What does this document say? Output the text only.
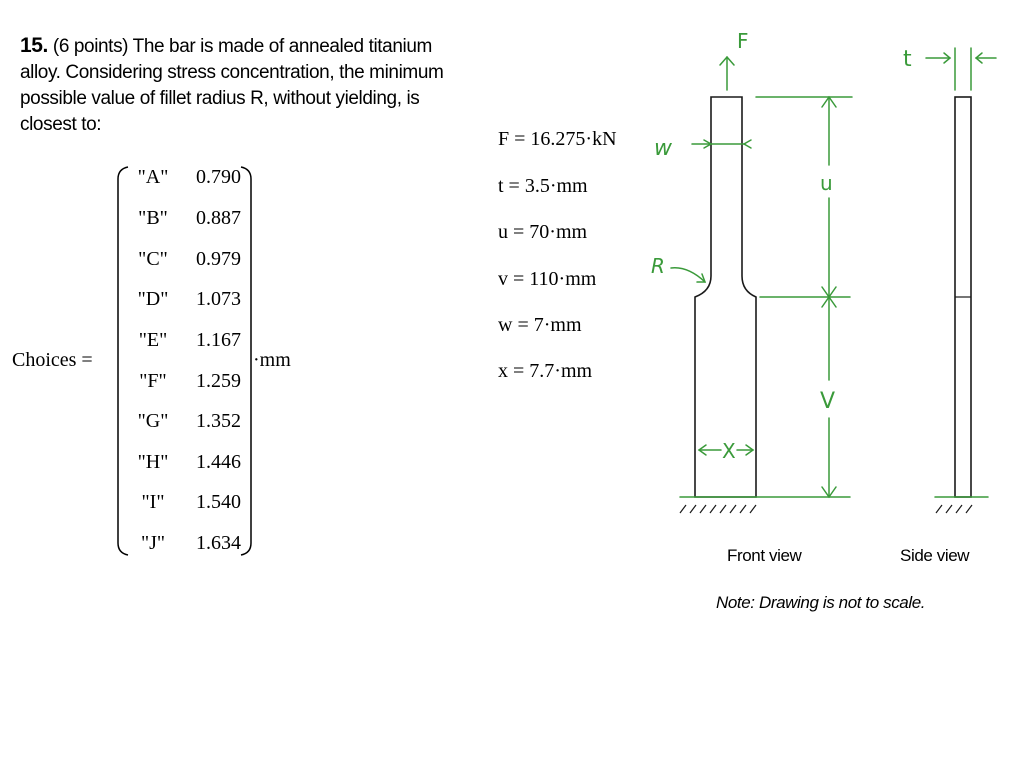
15. (6 points) The bar is made of annealed titanium alloy. Considering stress concentration, the minimum possible value of fillet radius R, without yielding, is closest to:
Choices =
"A"	0.790
"B"	0.887
"C"	0.979
"D"	1.073
"E"	1.167
"F"	1.259
"G"	1.352
"H"	1.446
"I"	1.540
"J"	1.634
·mm
F = 16.275·kN
t = 3.5·mm
u = 70·mm
v = 110·mm
w = 7·mm
x = 7.7·mm
F
w
u
R
V
X
t
Front view	Side view
Note: Drawing is not to scale.
